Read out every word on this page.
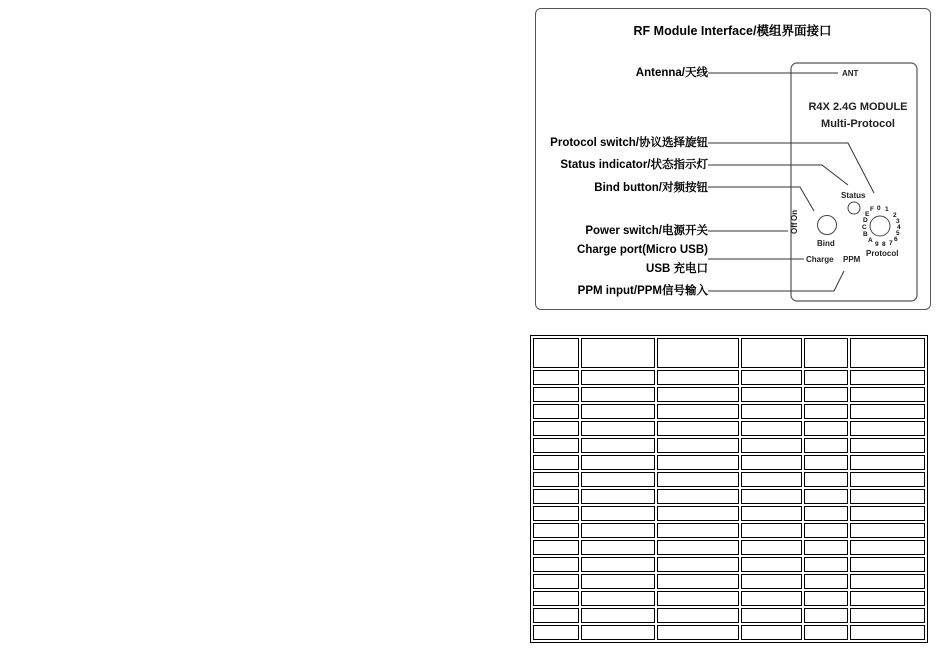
RF Module Interface/模组界面接口
Antenna/天线
Protocol switch/协议选择旋钮
Status indicator/状态指示灯
Bind button/对频按钮
Power switch/电源开关
Charge port(Micro USB)
USB 充电口
PPM input/PPM信号输入
ANT
R4X 2.4G MODULE
Multi-Protocol
Status
Bind
Protocol
Off
On
Charge PPM
0 1
2
3
4
5
6
7
8
9
A
B
C
D
E
F
